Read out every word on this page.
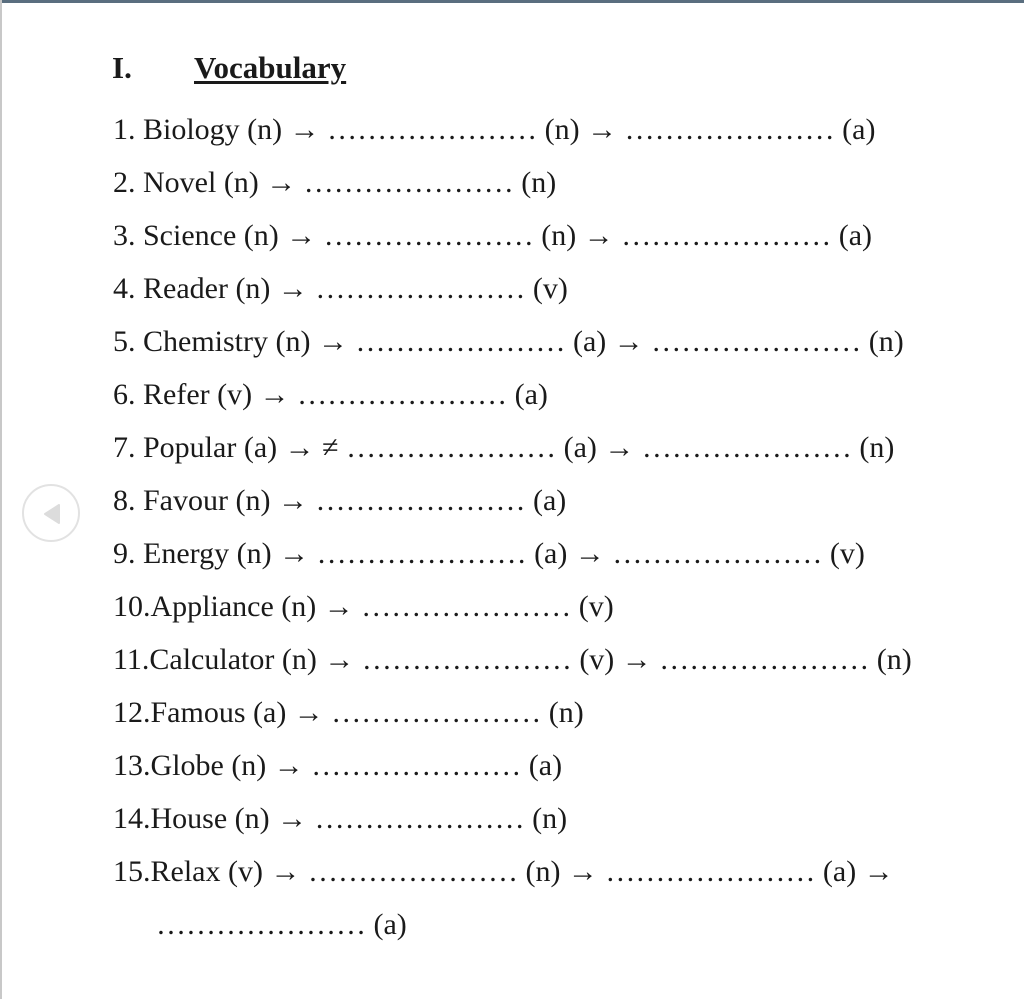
I. Vocabulary
1. Biology (n) → ………………… (n) → ………………… (a)
2. Novel (n) → ………………… (n)
3. Science (n) → ………………… (n) → ………………… (a)
4. Reader (n) → ………………… (v)
5. Chemistry (n) → ………………… (a) → ………………… (n)
6. Refer (v) → ………………… (a)
7. Popular (a) → ≠ ………………… (a) → ………………… (n)
8. Favour (n) → ………………… (a)
9. Energy (n) → ………………… (a) → ………………… (v)
10.Appliance (n) → ………………… (v)
11.Calculator (n) → ………………… (v) → ………………… (n)
12.Famous (a) → ………………… (n)
13.Globe (n) → ………………… (a)
14.House (n) → ………………… (n)
15.Relax (v) → ………………… (n) → ………………… (a) →
………………… (a)
